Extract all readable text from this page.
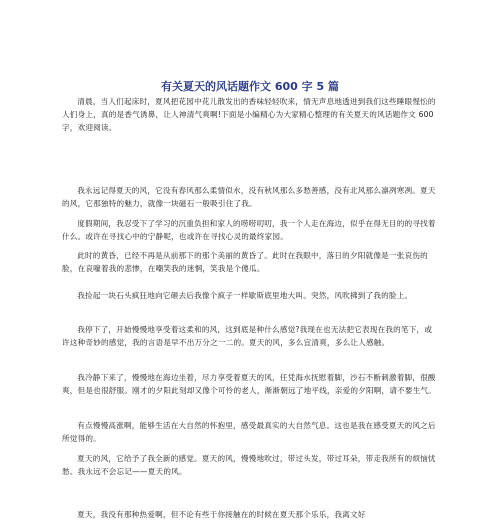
有关夏天的风话题作文 600 字 5 篇

清晨，当人们起床时，夏风把花园中花儿散发出的香味轻轻吹来，情无声息地透进到我们这些睡眼惺忪的人们身上，真的是香气诱鼻，让人神清气爽啊!下面是小编精心为大家精心整理的有关夏天的风话题作文 600 字，欢迎阅读。

我永远记得夏天的风，它没有春风那么柔情似水，没有秋风那么多愁善感，没有北风那么凛冽寒冽。夏天的风，它那独特的魅力，就像一块磁石一般吸引住了我。

度假期间，我忍受下了学习的沉重负担和家人的唠唠叨叨，我一个人走在海边，似乎在得无目的的寻找着什么。或许在寻找心中的宁静呢，也或许在寻找心灵的最终家园。

此时的黄昏，已经不再是从前那下的那个美丽的黄昏了。此时在我眼中，落日的夕阳就像是一张哀伤的脸，在哀嚎着我的悲惨，在嘲笑我的迷惘，笑我是个傻瓜。

我捡起一块石头疯狂地向它砸去后我像个疯子一样歇斯底里地大叫。突然，风吹拂到了我的脸上。

我停下了，开始慢慢地享受着这柔和的风，这到底是种什么感觉?我现在也无法把它表现在我的笔下，或许这种奇妙的感觉，我的言语是早不出万分之一二的。夏天的风，多么宜清爽，多么让人感触。

我冷静下来了，慢慢地在海边坐着，尽力享受着夏天的风，任凭海水抚慰着脚，沙石不断刺激着脚，很酸爽，但是也很舒服。刚才的夕阳此刻却又像个可怜的老人，渐渐朝远了地平线，亲爱的夕阳啊，请不要生气。

有点慢慢高涨啊，能够生活在大自然的怀抱里，感受最真实的大自然气息。这也是我在感受夏天的风之后所觉得的。

夏天的风，它给予了我全新的感觉。夏天的风，慢慢地吹过，带过头发，带过耳朵，带走我所有的烦恼忧愁。我永远不会忘记——夏天的风。

夏天，我没有那种热爱啊，但不论有些于你接触在的时候在夏天那个乐乐，我离文好
